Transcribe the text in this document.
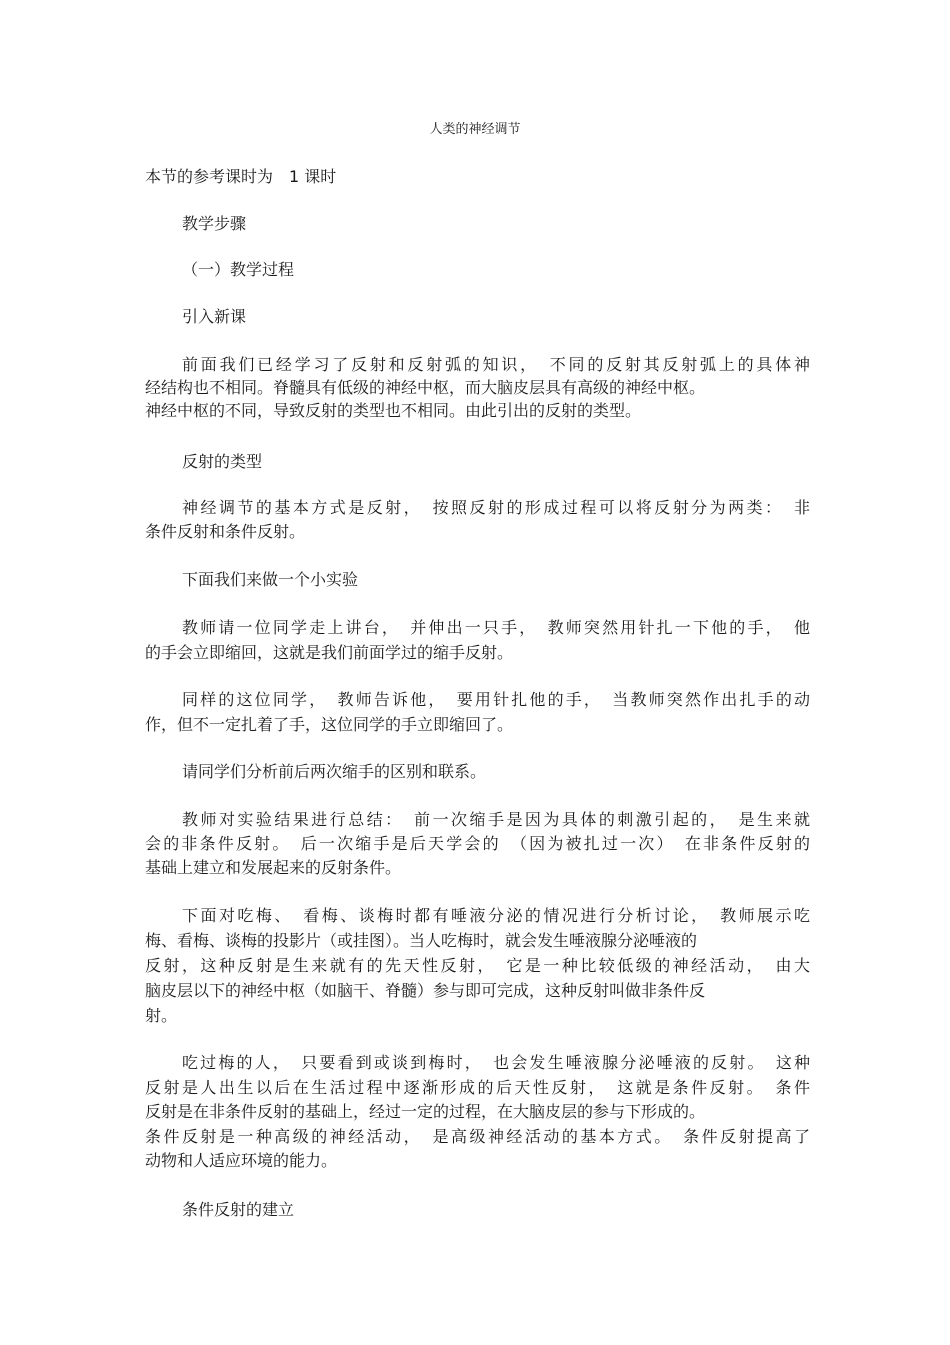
人类的神经调节
本节的参考课时为　1 课时
教学步骤
（一）教学过程
引入新课
前面我们已经学习了反射和反射弧的知识，　不同的反射其反射弧上的具体神
经结构也不相同。脊髓具有低级的神经中枢，而大脑皮层具有高级的神经中枢。
神经中枢的不同，导致反射的类型也不相同。由此引出的反射的类型。
反射的类型
神经调节的基本方式是反射，　按照反射的形成过程可以将反射分为两类：　非
条件反射和条件反射。
下面我们来做一个小实验
教师请一位同学走上讲台，　并伸出一只手，　教师突然用针扎一下他的手，　他
的手会立即缩回，这就是我们前面学过的缩手反射。
同样的这位同学，　教师告诉他，　要用针扎他的手，　当教师突然作出扎手的动
作，但不一定扎着了手，这位同学的手立即缩回了。
请同学们分析前后两次缩手的区别和联系。
教师对实验结果进行总结：　前一次缩手是因为具体的刺激引起的，　是生来就
会的非条件反射。　后一次缩手是后天学会的　（因为被扎过一次）　在非条件反射的
基础上建立和发展起来的反射条件。
下面对吃梅、　看梅、谈梅时都有唾液分泌的情况进行分析讨论，　教师展示吃
梅、看梅、谈梅的投影片（或挂图）。当人吃梅时，就会发生唾液腺分泌唾液的
反射，这种反射是生来就有的先天性反射，　它是一种比较低级的神经活动，　由大
脑皮层以下的神经中枢（如脑干、脊髓）参与即可完成，这种反射叫做非条件反
射。
吃过梅的人，　只要看到或谈到梅时，　也会发生唾液腺分泌唾液的反射。　这种
反射是人出生以后在生活过程中逐渐形成的后天性反射，　这就是条件反射。　条件
反射是在非条件反射的基础上，经过一定的过程，在大脑皮层的参与下形成的。
条件反射是一种高级的神经活动，　是高级神经活动的基本方式。　条件反射提高了
动物和人适应环境的能力。
条件反射的建立
